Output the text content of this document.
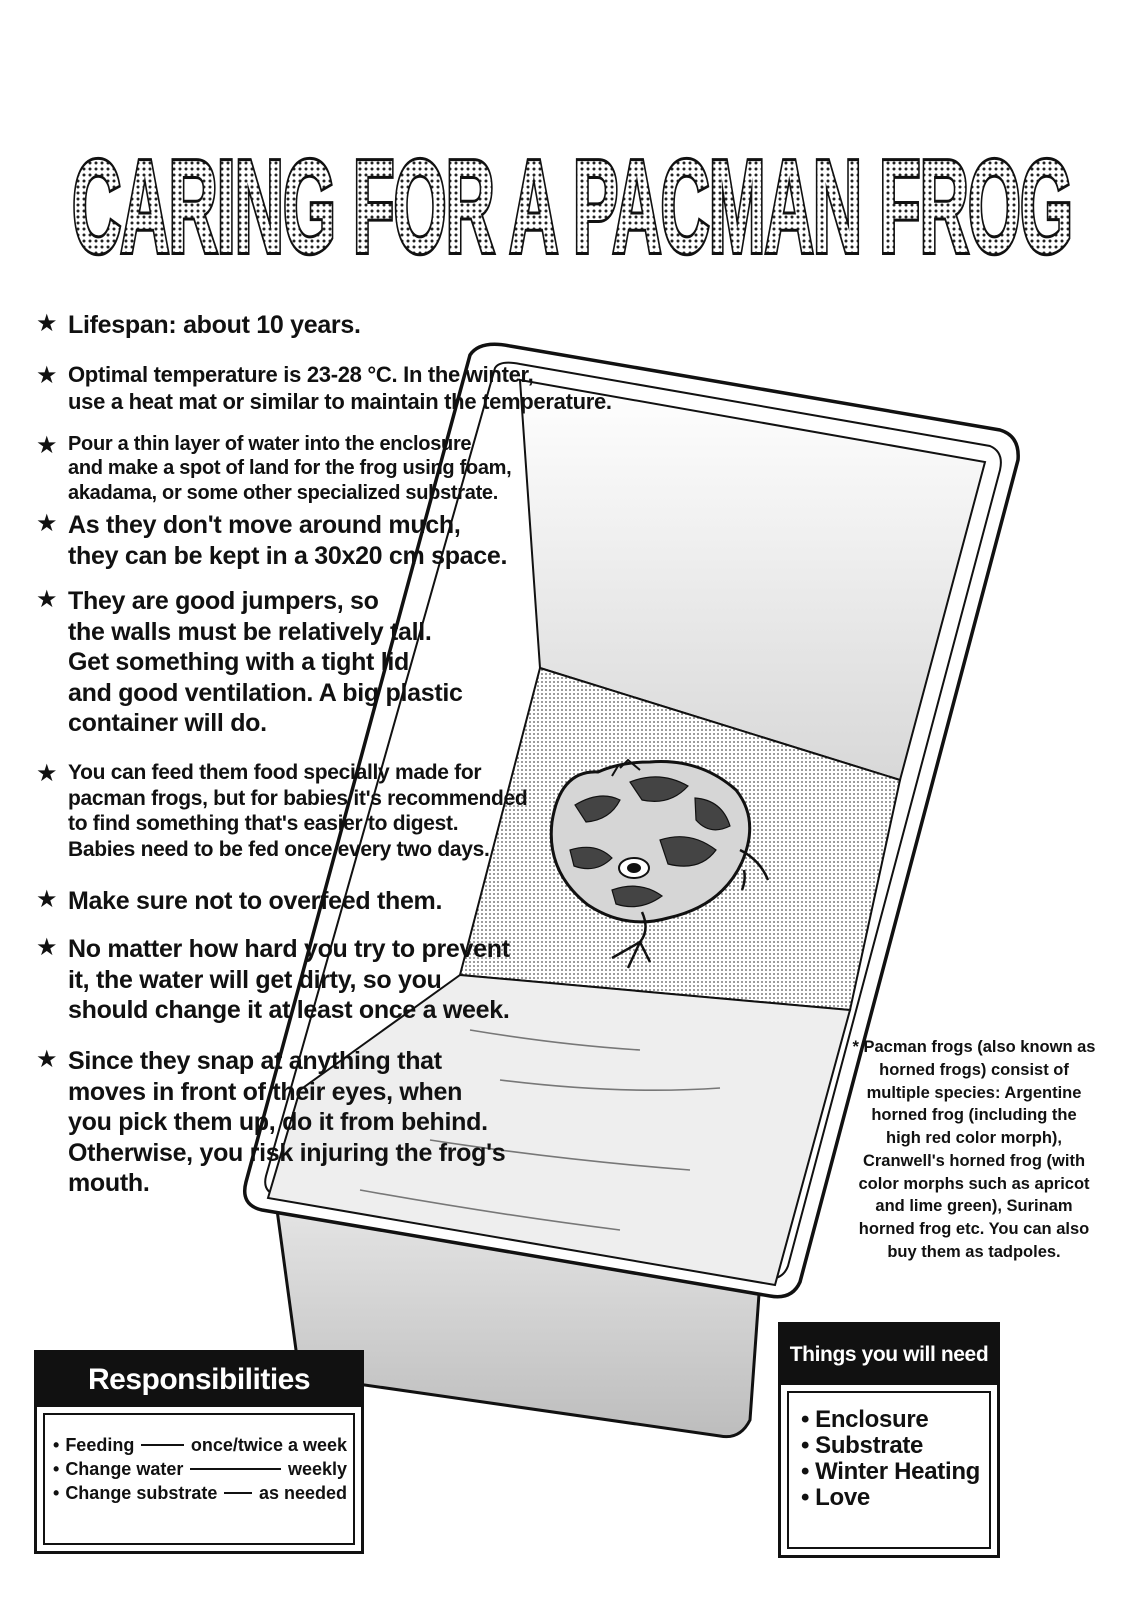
CARING FOR A PACMAN FROG
★ Lifespan: about 10 years.
★ Optimal temperature is 23-28 °C. In the winter,
use a heat mat or similar to maintain the temperature.
★ Pour a thin layer of water into the enclosure
and make a spot of land for the frog using foam,
akadama, or some other specialized substrate.
★ As they don't move around much,
they can be kept in a 30x20 cm space.
★ They are good jumpers, so
the walls must be relatively tall.
Get something with a tight lid
and good ventilation. A big plastic
container will do.
★ You can feed them food specially made for
pacman frogs, but for babies it's recommended
to find something that's easier to digest.
Babies need to be fed once every two days.
★ Make sure not to overfeed them.
★ No matter how hard you try to prevent
it, the water will get dirty, so you
should change it at least once a week.
★ Since they snap at anything that
moves in front of their eyes, when
you pick them up, do it from behind.
Otherwise, you risk injuring the frog's
mouth.
* Pacman frogs (also known as horned frogs) consist of multiple species: Argentine horned frog (including the high red color morph), Cranwell's horned frog (with color morphs such as apricot and lime green), Surinam horned frog etc. You can also buy them as tadpoles.
Responsibilities
• Feeding	once/twice a week
• Change water	weekly
• Change substrate as needed
Things you will need
• Enclosure
• Substrate
• Winter Heating
• Love
